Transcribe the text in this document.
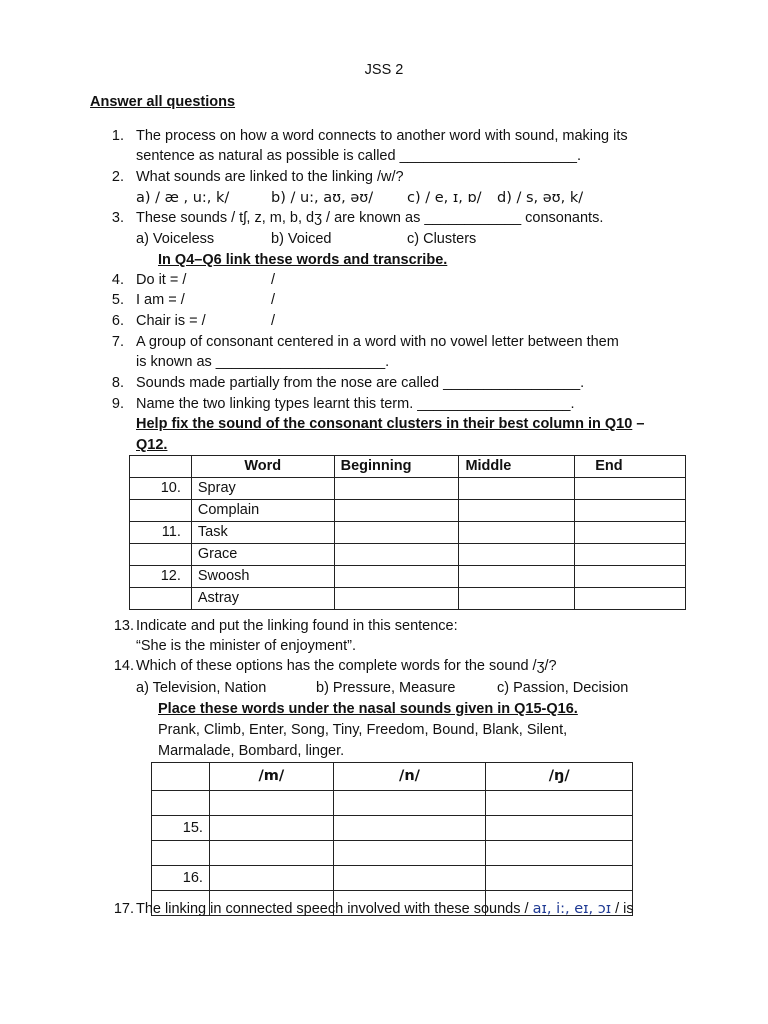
JSS 2
Answer all questions
1. The process on how a word connects to another word with sound, making its
sentence as natural as possible is called ______________________.
2. What sounds are linked to the linking /w/?
a) / æ , u:, k/	b) / u:, aʊ, əʊ/ c) / e, ɪ, ɒ/ d) / s, əʊ, k/
3. These sounds / tʃ, z, m, b, dʒ / are known as ____________ consonants.
a) Voiceless	b) Voiced	c) Clusters
In Q4–Q6 link these words and transcribe.
4. Do it = /	/
5. I am = /	/
6. Chair is = /	/
7. A group of consonant centered in a word with no vowel letter between them
is known as _____________________.
8. Sounds made partially from the nose are called _________________.
9. Name the two linking types learnt this term. ___________________.
Help fix the sound of the consonant clusters in their best column in Q10 –
Q12.
	Word	Beginning	Middle	End
10.	Spray			
	Complain			
11.	Task			
	Grace			
12.	Swoosh			
	Astray			
13. Indicate and put the linking found in this sentence:
“She is the minister of enjoyment”.
14. Which of these options has the complete words for the sound /ʒ/?
a) Television, Nation	b) Pressure, Measure	c) Passion, Decision
Place these words under the nasal sounds given in Q15-Q16.
Prank, Climb, Enter, Song, Tiny, Freedom, Bound, Blank, Silent,
Marmalade, Bombard, linger.
	/m/	/n/	/ŋ/

15.			

16.			

17. The linking in connected speech involved with these sounds / aɪ, i:, eɪ, ɔɪ / is
